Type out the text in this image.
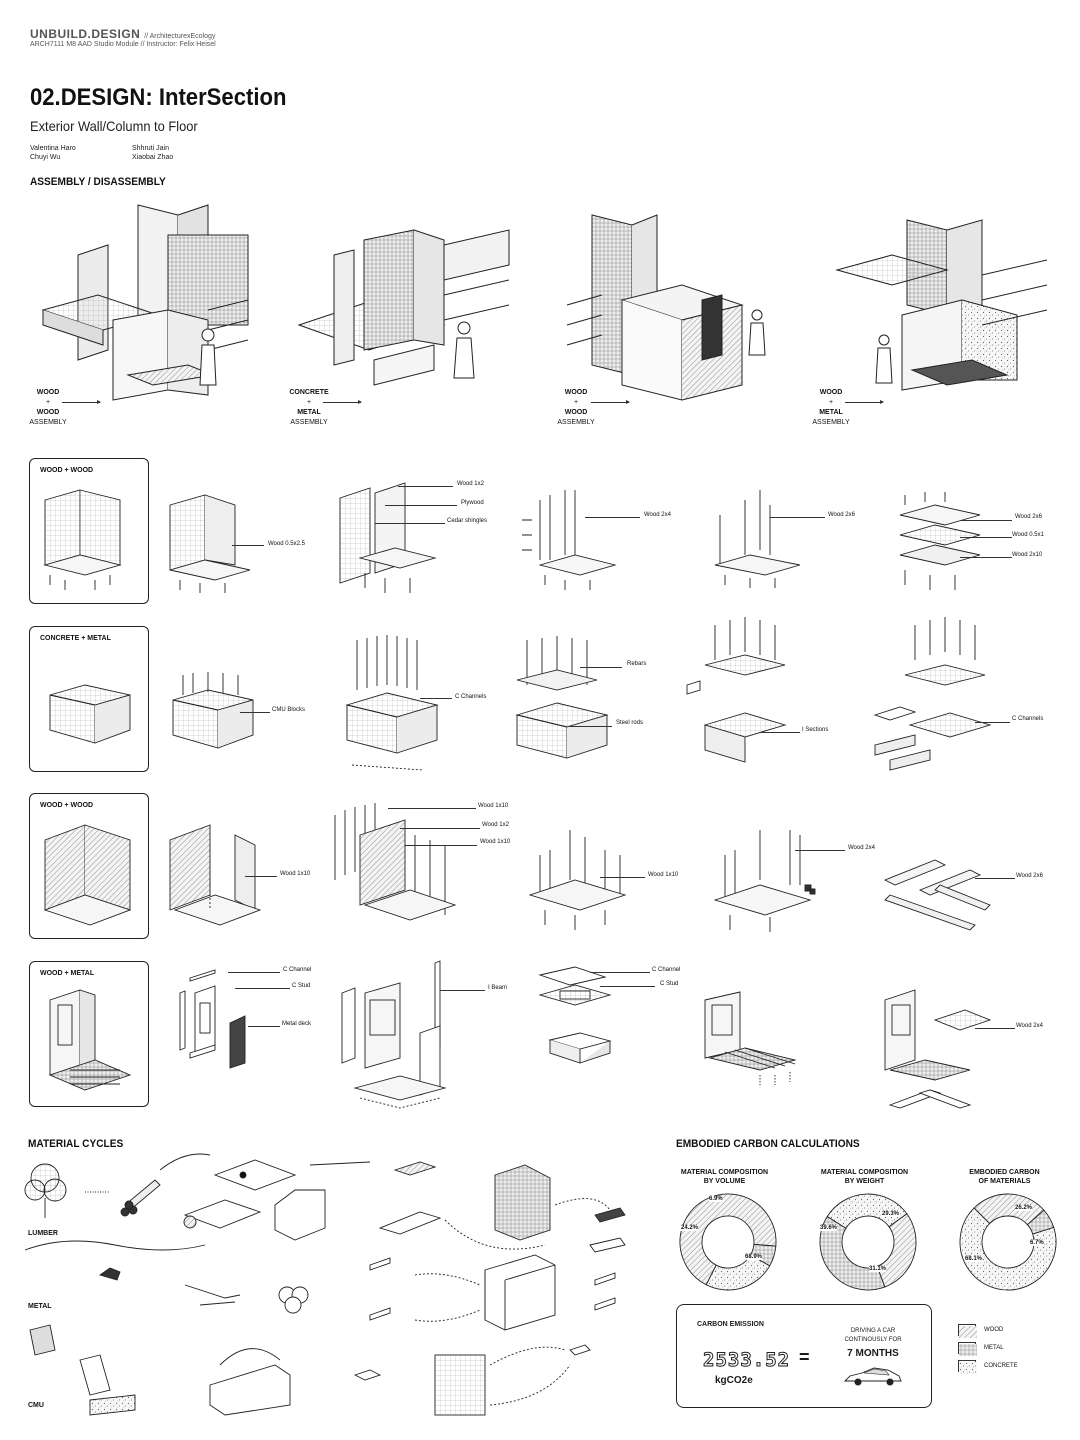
UNBUILD.DESIGN // ArchitecturexEcology
ARCH7111 M8 AAD Studio Module // Instructor: Felix Heisel
02.DESIGN: InterSection
Exterior Wall/Column to Floor
Valentina Haro
Chuyi Wu
Shhruti Jain
Xiaobai Zhao
ASSEMBLY / DISASSEMBLY
WOOD
+
WOOD
ASSEMBLY
CONCRETE
+
METAL
ASSEMBLY
WOOD
+
WOOD
ASSEMBLY
WOOD
+
METAL
ASSEMBLY
WOOD + WOOD
Wood 0.5x2.5
Wood 1x2
Plywood
Cedar shingles
Wood 2x4	Wood 2x6	Wood 2x6
Wood 0.5x1
Wood 2x10
CONCRETE + METAL
CMU Blocks
C Channels
Rebars
Steel rods
I Sections
C Channels
WOOD + WOOD
Wood 1x10
Wood 1x10
Wood 1x2
Wood 1x10
Wood 1x10
Wood 2x4
Wood 2x6
WOOD + METAL	C Channel
C Stud
Metal deck
I Beam
C Channel
C Stud
Wood 2x4
MATERIAL CYCLES
LUMBER
METAL
CMU
EMBODIED CARBON CALCULATIONS
MATERIAL COMPOSITION
BY VOLUME
MATERIAL COMPOSITION
BY WEIGHT
EMBODIED CARBON
OF MATERIALS
6.9%
24.2%
68.9%
29.3%
39.6%
31.1%
26.2%
6.7%
68.1%
CARBON EMISSION
2533.52
kgCO2e
=
DRIVING A CAR
CONTINOUSLY FOR
7 MONTHS
WOOD
METAL
CONCRETE
